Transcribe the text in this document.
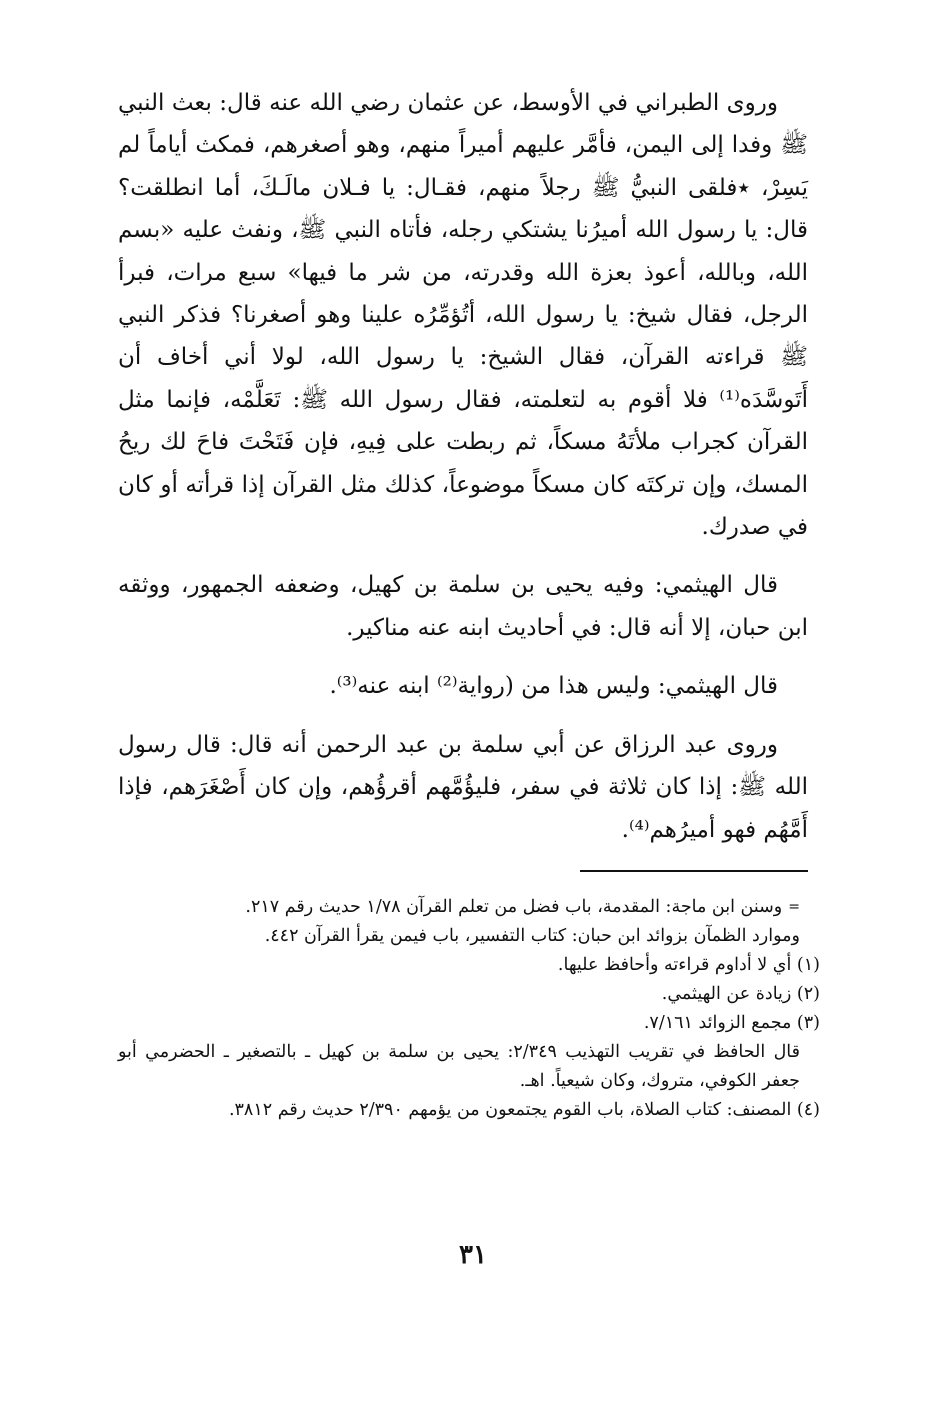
وروى الطبراني في الأوسط، عن عثمان رضي الله عنه قال: بعث النبي ﷺ وفدا إلى اليمن، فأمَّر عليهم أميراً منهم، وهو أصغرهم، فمكث أياماً لم يَسِرْ، ٭فلقى النبيُّ ﷺ رجلاً منهم، فقـال: يا فـلان مالَـكَ، أما انطلقت؟ قال: يا رسول الله أميرُنا يشتكي رجله، فأتاه النبي ﷺ، ونفث عليه «بسم الله، وبالله، أعوذ بعزة الله وقدرته، من شر ما فيها» سبع مرات، فبرأ الرجل، فقال شيخ: يا رسول الله، أتُؤمِّرُه علينا وهو أصغرنا؟ فذكر النبي ﷺ قراءته القرآن، فقال الشيخ: يا رسول الله، لولا أني أخاف أن أَتَوسَّدَه⁽¹⁾ فلا أقوم به لتعلمته، فقال رسول الله ﷺ: تَعَلَّمْه، فإنما مثل القرآن كجراب ملأتَهُ مسكاً، ثم ربطت على فِيهِ، فإن فَتَحْتَ فاحَ لك ريحُ المسك، وإن تركتَه كان مسكاً موضوعاً، كذلك مثل القرآن إذا قرأته أو كان في صدرك.

قال الهيثمي: وفيه يحيى بن سلمة بن كهيل، وضعفه الجمهور، ووثقه ابن حبان، إلا أنه قال: في أحاديث ابنه عنه مناكير.

قال الهيثمي: وليس هذا من (رواية⁽²⁾ ابنه عنه⁽³⁾.

وروى عبد الرزاق عن أبي سلمة بن عبد الرحمن أنه قال: قال رسول الله ﷺ: إذا كان ثلاثة في سفر، فليؤُمَّهم أقرؤُهم، وإن كان أَصْغَرَهم، فإذا أَمَّهُم فهو أميرُهم⁽⁴⁾.

=وسنن ابن ماجة: المقدمة، باب فضل من تعلم القرآن ١/٧٨ حديث رقم ٢١٧.

وموارد الظمآن بزوائد ابن حبان: كتاب التفسير، باب فيمن يقرأ القرآن ٤٤٢.

(١) أي لا أداوم قراءته وأحافظ عليها.

(٢) زيادة عن الهيثمي.

(٣) مجمع الزوائد ٧/١٦١.

قال الحافظ في تقريب التهذيب ٢/٣٤٩: يحيى بن سلمة بن كهيل ـ بالتصغير ـ الحضرمي أبو جعفر الكوفي، متروك، وكان شيعياً. اهـ.

(٤) المصنف: كتاب الصلاة، باب القوم يجتمعون من يؤمهم ٢/٣٩٠ حديث رقم ٣٨١٢.

٣١
